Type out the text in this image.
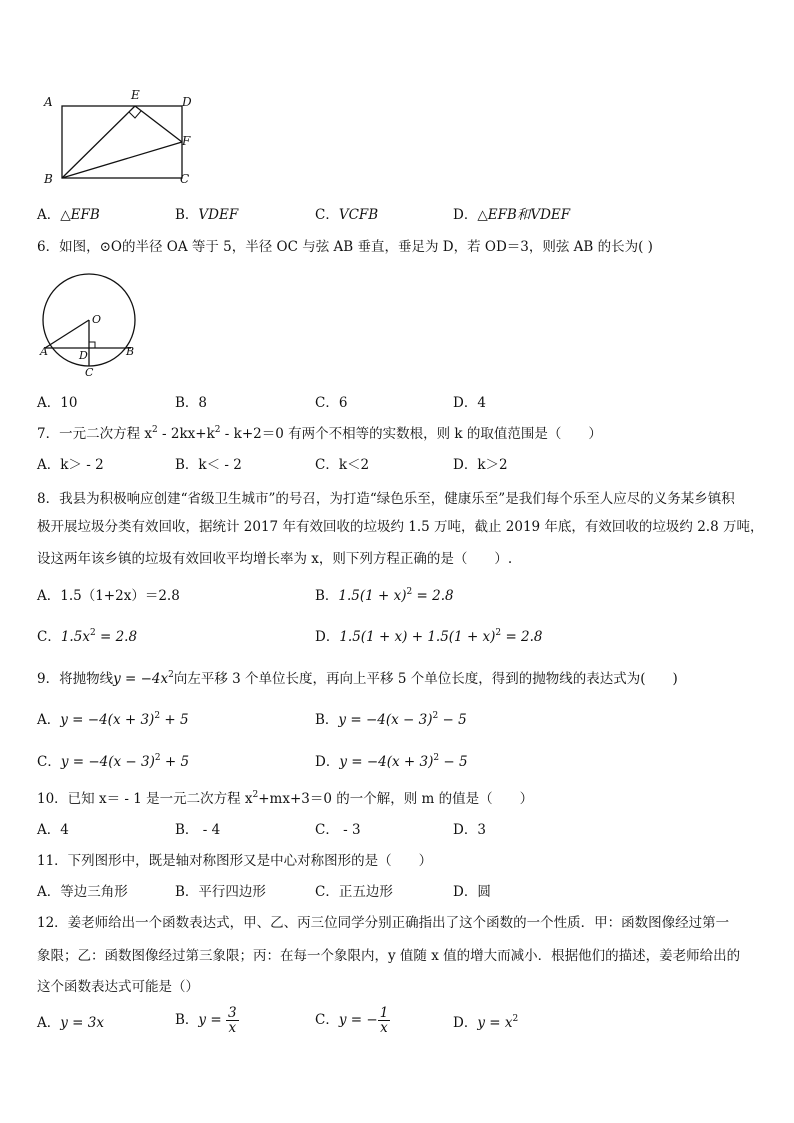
A	E	D
F
B	C
A．△EFB	B．VDEF	C．VCFB	D．△EFB和VDEF
6．如图，⊙O的半径 OA 等于 5，半径 OC 与弦 AB 垂直，垂足为 D，若 OD＝3，则弦 AB 的长为( )
O
A	B
D
C
A．10	B．8	C．6	D．4
7．一元二次方程 $x^2 - 2kx+k^2 - k+2=0$ 有两个不相等的实数根，则 k 的取值范围是（　　）
A．k＞ - 2	B．k＜ - 2	C．k＜2	D．k＞2
8．我县为积极响应创建“省级卫生城市”的号召，为打造“绿色乐至，健康乐至”是我们每个乐至人应尽的义务某乡镇积
极开展垃圾分类有效回收，据统计 2017 年有效回收的垃圾约 1.5 万吨，截止 2019 年底，有效回收的垃圾约 2.8 万吨，
设这两年该乡镇的垃圾有效回收平均增长率为 x，则下列方程正确的是（　　）.
A．1.5（1+2x）＝2.8	B．$1.5(1 + x)^2 = 2.8$
C．$1.5x^2 = 2.8$	D．$1.5(1 + x) + 1.5(1 + x)^2 = 2.8$
9．将抛物线$y = -4x^2$向左平移 3 个单位长度，再向上平移 5 个单位长度，得到的抛物线的表达式为(　　)
A．$y = -4(x + 3)^2 + 5$	B．$y = -4(x - 3)^2 - 5$
C．$y = -4(x - 3)^2 + 5$	D．$y = -4(x + 3)^2 - 5$
10．已知 x＝ - 1 是一元二次方程 $x^2+mx+3=0$ 的一个解，则 m 的值是（　　）
A．4	B． - 4	C． - 3	D．3
11．下列图形中，既是轴对称图形又是中心对称图形的是（　　）
A．等边三角形	B．平行四边形	C．正五边形	D．圆
12．姜老师给出一个函数表达式，甲、乙、丙三位同学分别正确指出了这个函数的一个性质．甲：函数图像经过第一
象限；乙：函数图像经过第三象限；丙：在每一个象限内，y 值随 x 值的增大而减小．根据他们的描述，姜老师给出的
这个函数表达式可能是（）
A．y = 3x	B．$y = \frac{3}{x}$	C．y = − $\frac{1}{x}$	D．$y = x^2$
